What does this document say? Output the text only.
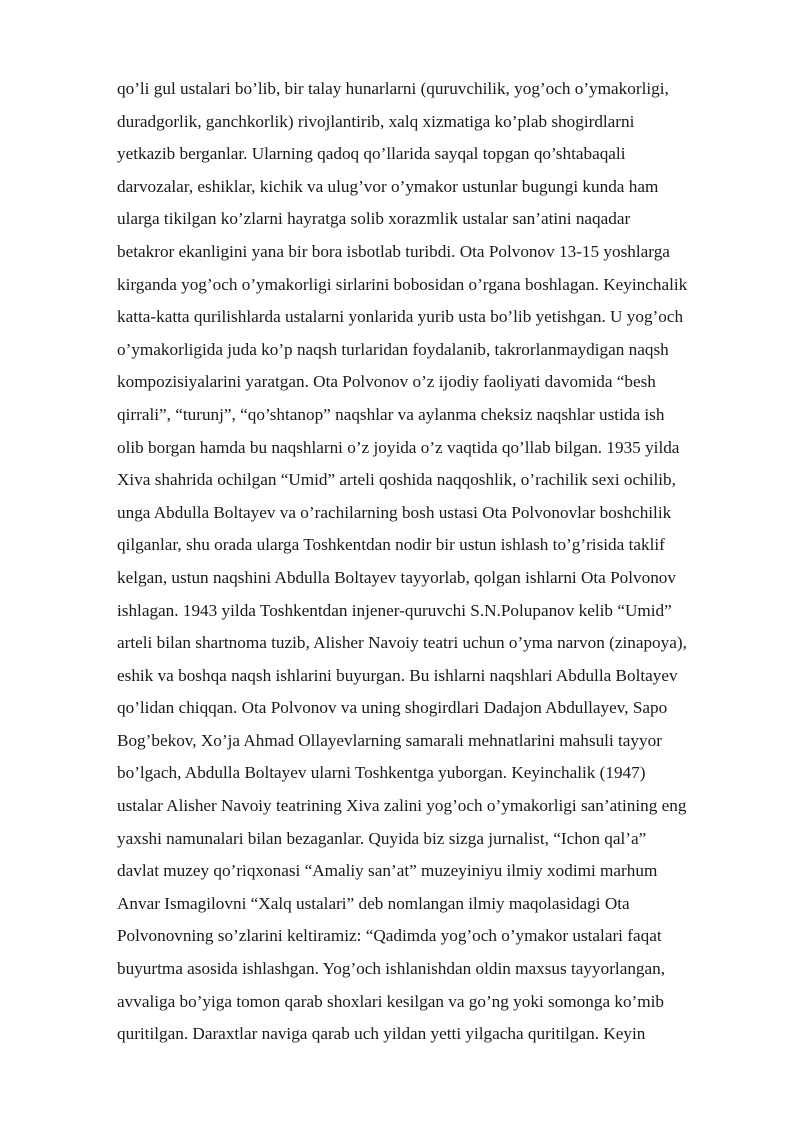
qo’li gul ustalari bo’lib, bir talay hunarlarni (quruvchilik, yog’och o’ymakorligi,
duradgorlik, ganchkorlik) rivojlantirib, xalq xizmatiga ko’plab shogirdlarni
yetkazib berganlar. Ularning qadoq qo’llarida sayqal topgan qo’shtabaqali
darvozalar, eshiklar, kichik va ulug’vor o’ymakor ustunlar bugungi kunda ham
ularga tikilgan ko’zlarni hayratga solib xorazmlik ustalar san’atini naqadar
betakror ekanligini yana bir bora isbotlab turibdi. Ota Polvonov 13-15 yoshlarga
kirganda yog’och o’ymakorligi sirlarini bobosidan o’rgana boshlagan. Keyinchalik
katta-katta qurilishlarda ustalarni yonlarida yurib usta bo’lib yetishgan. U yog’och
o’ymakorligida juda ko’p naqsh turlaridan foydalanib, takrorlanmaydigan naqsh
kompozisiyalarini yaratgan. Ota Polvonov o’z ijodiy faoliyati davomida “besh
qirrali”, “turunj”, “qo’shtanop” naqshlar va aylanma cheksiz naqshlar ustida ish
olib borgan hamda bu naqshlarni o’z joyida o’z vaqtida qo’llab bilgan. 1935 yilda
Xiva shahrida ochilgan “Umid” arteli qoshida naqqoshlik, o’rachilik sexi ochilib,
unga Abdulla Boltayev va o’rachilarning bosh ustasi Ota Polvonovlar boshchilik
qilganlar, shu orada ularga Toshkentdan nodir bir ustun ishlash to’g’risida taklif
kelgan, ustun naqshini Abdulla Boltayev tayyorlab, qolgan ishlarni Ota Polvonov
ishlagan. 1943 yilda Toshkentdan injener-quruvchi S.N.Polupanov kelib “Umid”
arteli bilan shartnoma tuzib, Alisher Navoiy teatri uchun o’yma narvon (zinapoya),
eshik va boshqa naqsh ishlarini buyurgan. Bu ishlarni naqshlari Abdulla Boltayev
qo’lidan chiqqan. Ota Polvonov va uning shogirdlari Dadajon Abdullayev, Sapo
Bog’bekov, Xo’ja Ahmad Ollayevlarning samarali mehnatlarini mahsuli tayyor
bo’lgach, Abdulla Boltayev ularni Toshkentga yuborgan. Keyinchalik (1947)
ustalar Alisher Navoiy teatrining Xiva zalini yog’och o’ymakorligi san’atining eng
yaxshi namunalari bilan bezaganlar. Quyida biz sizga jurnalist, “Ichon qal’a”
davlat muzey qo’riqxonasi “Amaliy san’at” muzeyiniyu ilmiy xodimi marhum
Anvar Ismagilovni “Xalq ustalari” deb nomlangan ilmiy maqolasidagi Ota
Polvonovning so’zlarini keltiramiz: “Qadimda yog’och o’ymakor ustalari faqat
buyurtma asosida ishlashgan. Yog’och ishlanishdan oldin maxsus tayyorlangan,
avvaliga bo’yiga tomon qarab shoxlari kesilgan va go’ng yoki somonga ko’mib
quritilgan. Daraxtlar naviga qarab uch yildan yetti yilgacha quritilgan. Keyin
